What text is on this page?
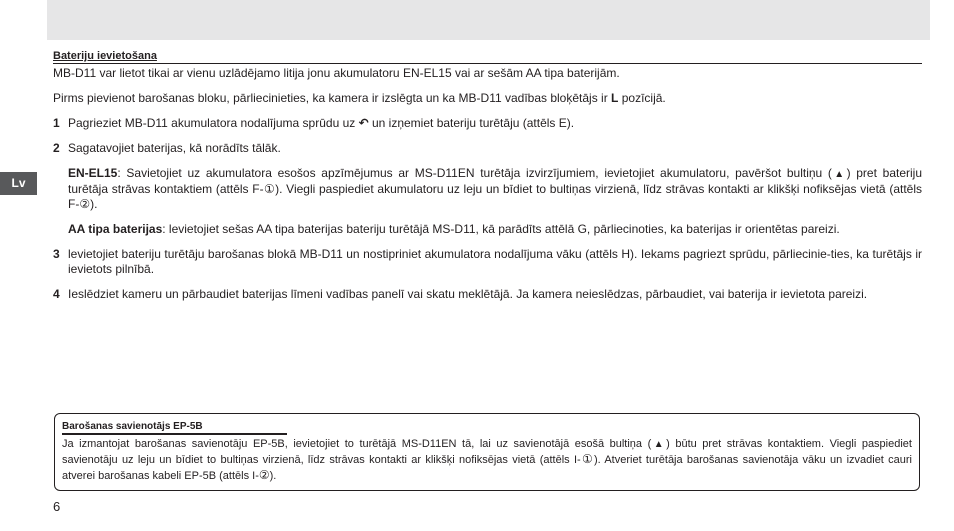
Lv
Bateriju ievietošana

MB-D11 var lietot tikai ar vienu uzlādējamo litija jonu akumulatoru EN-EL15 vai ar sešām AA tipa baterijām.

Pirms pievienot barošanas bloku, pārliecinieties, ka kamera ir izslēgta un ka MB-D11 vadības bloķētājs ir L pozīcijā.

1 Pagrieziet MB-D11 akumulatora nodalījuma sprūdu uz ↶ un izņemiet bateriju turētāju (attēls E).
2 Sagatavojiet baterijas, kā norādīts tālāk.

EN-EL15: Savietojiet uz akumulatora esošos apzīmējumus ar MS-D11EN turētāja izvirzījumiem, ievietojiet akumulatoru, pavēršot bultiņu (▲) pret bateriju turētāja strāvas kontaktiem (attēls F-①). Viegli paspiediet akumulatoru uz leju un bīdiet to bultiņas virzienā, līdz strāvas kontakti ar klikšķi nofiksējas vietā (attēls F-②).

AA tipa baterijas: levietojiet sešas AA tipa baterijas bateriju turētājā MS-D11, kā parādīts attēlā G, pārliecinoties, ka baterijas ir orientētas pareizi.

3 levietojiet bateriju turētāju barošanas blokā MB-D11 un nostipriniet akumulatora nodalījuma vāku (attēls H). Iekams pagriezt sprūdu, pārliecinie-ties, ka turētājs ir ievietots pilnībā.
4 Ieslēdziet kameru un pārbaudiet baterijas līmeni vadības panelī vai skatu meklētājā. Ja kamera neieslēdzas, pārbaudiet, vai baterija ir ievietota pareizi.
Barošanas savienotājs EP-5B
Ja izmantojat barošanas savienotāju EP-5B, ievietojiet to turētājā MS-D11EN tā, lai uz savienotājā esošā bultiņa (▲) būtu pret strāvas kontaktiem. Viegli paspiediet savienotāju uz leju un bīdiet to bultiņas virzienā, līdz strāvas kontakti ar klikšķi nofiksējas vietā (attēls I-①). Atveriet turētāja barošanas savienotāja vāku un izvadiet cauri atverei barošanas kabeli EP-5B (attēls I-②).
6
